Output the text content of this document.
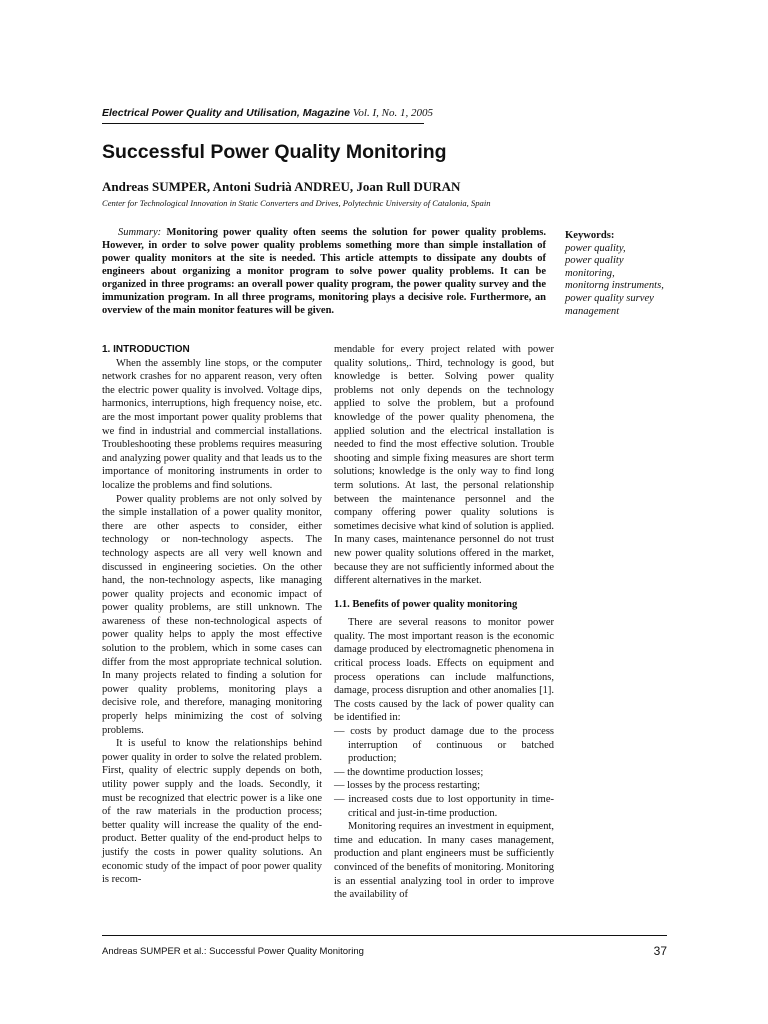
Electrical Power Quality and Utilisation, Magazine Vol. I, No. 1, 2005
Successful Power Quality Monitoring
Andreas SUMPER, Antoni Sudrià ANDREU, Joan Rull DURAN
Center for Technological Innovation in Static Converters and Drives, Polytechnic University of Catalonia, Spain
Summary: Monitoring power quality often seems the solution for power quality problems. However, in order to solve power quality problems something more than simple installation of power quality monitors at the site is needed. This article attempts to dissipate any doubts of engineers about organizing a monitor program to solve power quality problems. It can be organized in three programs: an overall power quality program, the power quality survey and the immunization program. In all three programs, monitoring plays a decisive role. Furthermore, an overview of the main monitor features will be given.
Keywords:
power quality,
power quality monitoring,
monitorng instruments,
power quality survey management
1. INTRODUCTION

When the assembly line stops, or the computer network crashes for no apparent reason, very often the electric power quality is involved. Voltage dips, harmonics, interruptions, high frequency noise, etc. are the most important power quality problems that we find in industrial and commercial installations. Troubleshooting these problems requires measuring and analyzing power quality and that leads us to the importance of monitoring instruments in order to localize the problems and find solutions.

Power quality problems are not only solved by the simple installation of a power quality monitor, there are other aspects to consider, either technology or non-technology aspects. The technology aspects are all very well known and discussed in engineering societies. On the other hand, the non-technology aspects, like managing power quality projects and economic impact of power quality problems, are still unknown. The awareness of these non-technological aspects of power quality helps to apply the most effective solution to the problem, which in some cases can differ from the most appropriate technical solution. In many projects related to finding a solution for power quality problems, monitoring plays a decisive role, and therefore, managing monitoring properly helps minimizing the cost of solving problems.

It is useful to know the relationships behind power quality in order to solve the related problem. First, quality of electric supply depends on both, utility power supply and the loads. Secondly, it must be recognized that electric power is a like one of the raw materials in the production process; better quality will increase the quality of the end-product. Better quality of the end-product helps to justify the costs in power quality solutions. An economic study of the impact of poor power quality is recom-

mendable for every project related with power quality solutions,. Third, technology is good, but knowledge is better. Solving power quality problems not only depends on the technology applied to solve the problem, but a profound knowledge of the power quality phenomena, the applied solution and the electrical installation is needed to find the most effective solution. Trouble shooting and simple fixing measures are short term solutions; knowledge is the only way to find long term solutions. At last, the personal relationship between the maintenance personnel and the company offering power quality solutions is sometimes decisive what kind of solution is applied. In many cases, maintenance personnel do not trust new power quality solutions offered in the market, because they are not sufficiently informed about the different alternatives in the market.

1.1. Benefits of power quality monitoring

There are several reasons to monitor power quality. The most important reason is the economic damage produced by electromagnetic phenomena in critical process loads. Effects on equipment and process operations can include malfunctions, damage, process disruption and other anomalies [1]. The costs caused by the lack of power quality can be identified in:

— costs by product damage due to the process interruption of continuous or batched production;
— the downtime production losses;
— losses by the process restarting;
— increased costs due to lost opportunity in time-critical and just-in-time production.

Monitoring requires an investment in equipment, time and education. In many cases management, production and plant engineers must be sufficiently convinced of the benefits of monitoring. Monitoring is an essential analyzing tool in order to improve the availability of

Andreas SUMPER et al.: Successful Power Quality Monitoring	37
